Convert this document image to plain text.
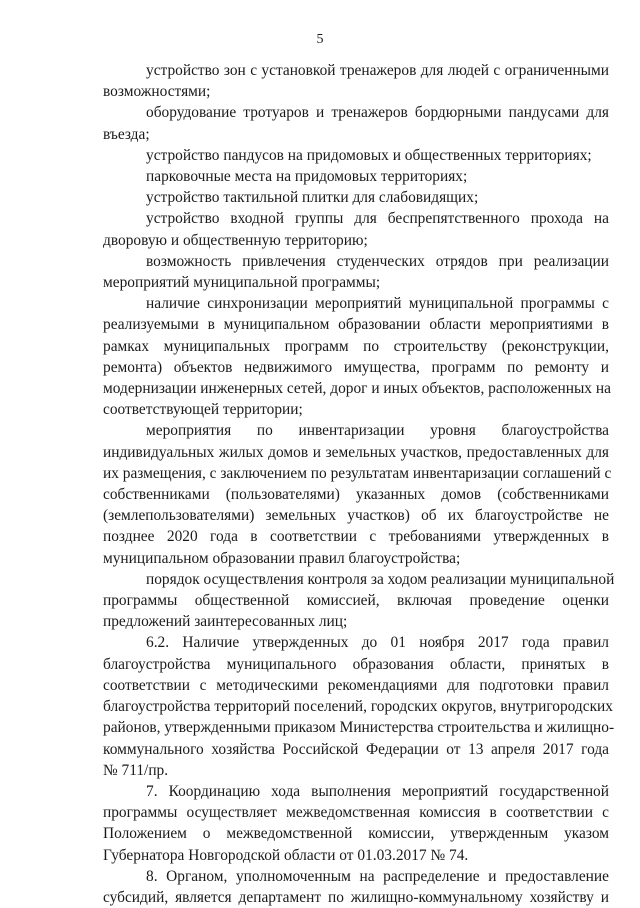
5

устройство зон с установкой тренажеров для людей с ограниченными
возможностями;

оборудование тротуаров и тренажеров бордюрными пандусами для
въезда;

устройство пандусов на придомовых и общественных территориях;

парковочные места на придомовых территориях;

устройство тактильной плитки для слабовидящих;

устройство входной группы для беспрепятственного прохода на
дворовую и общественную территорию;

возможность привлечения студенческих отрядов при реализации
мероприятий муниципальной программы;

наличие синхронизации мероприятий муниципальной программы с
реализуемыми в муниципальном образовании области мероприятиями в
рамках муниципальных программ по строительству (реконструкции,
ремонта) объектов недвижимого имущества, программ по ремонту и
модернизации инженерных сетей, дорог и иных объектов, расположенных на
соответствующей территории;

мероприятия по инвентаризации уровня благоустройства
индивидуальных жилых домов и земельных участков, предоставленных для
их размещения, с заключением по результатам инвентаризации соглашений с
собственниками (пользователями) указанных домов (собственниками
(землепользователями) земельных участков) об их благоустройстве не
позднее 2020 года в соответствии с требованиями утвержденных в
муниципальном образовании правил благоустройства;

порядок осуществления контроля за ходом реализации муниципальной
программы общественной комиссией, включая проведение оценки
предложений заинтересованных лиц;

6.2. Наличие утвержденных до 01 ноября 2017 года правил
благоустройства муниципального образования области, принятых в
соответствии с методическими рекомендациями для подготовки правил
благоустройства территорий поселений, городских округов, внутригородских
районов, утвержденными приказом Министерства строительства и жилищно-
коммунального хозяйства Российской Федерации от 13 апреля 2017 года
№ 711/пр.

7. Координацию хода выполнения мероприятий государственной
программы осуществляет межведомственная комиссия в соответствии с
Положением о межведомственной комиссии, утвержденным указом
Губернатора Новгородской области от 01.03.2017 № 74.

8. Органом, уполномоченным на распределение и предоставление
субсидий, является департамент по жилищно-коммунальному хозяйству и
